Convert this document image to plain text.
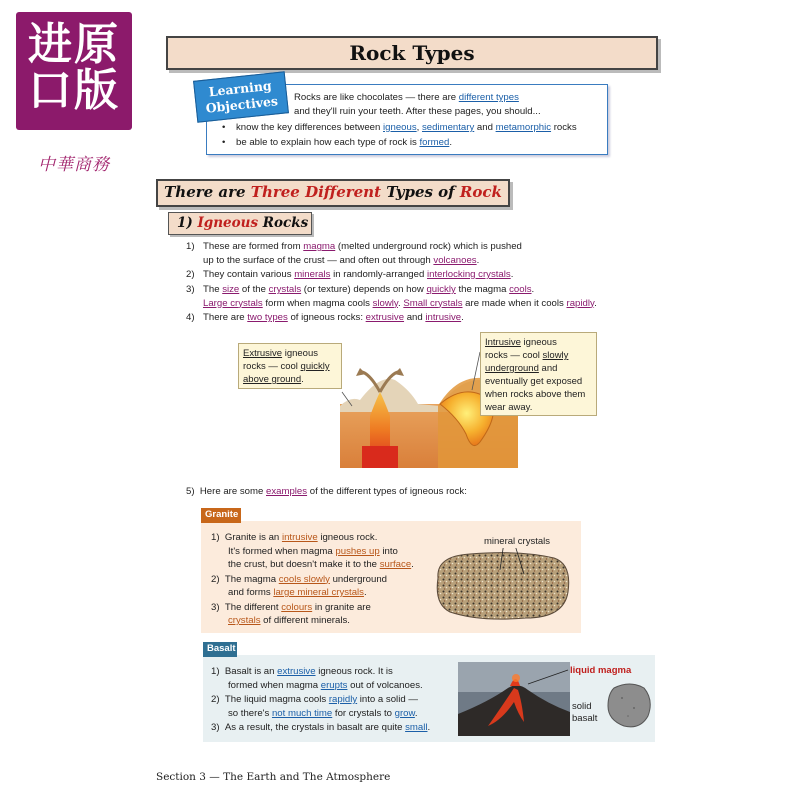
进原
口版
中華商務
Rock Types
Learning
Objectives	Rocks are like chocolates — there are different types
and they'll ruin your teeth. After these pages, you should...
• know the key differences between igneous, sedimentary and metamorphic rocks
• be able to explain how each type of rock is formed.
There are Three Different Types of Rock
1) Igneous Rocks
1) These are formed from magma (melted underground rock) which is pushed
up to the surface of the crust — and often out through volcanoes.
2) They contain various minerals in randomly-arranged interlocking crystals.
3) The size of the crystals (or texture) depends on how quickly the magma cools.
Large crystals form when magma cools slowly. Small crystals are made when it cools rapidly.
4) There are two types of igneous rocks: extrusive and intrusive.
Extrusive igneous
rocks — cool quickly
above ground.
Intrusive igneous
rocks — cool slowly
underground and
eventually get exposed
when rocks above them
wear away.
5) Here are some examples of the different types of igneous rock:
Granite
1) Granite is an intrusive igneous rock.
It's formed when magma pushes up into
the crust, but doesn't make it to the surface.
2) The magma cools slowly underground
and forms large mineral crystals.
3) The different colours in granite are
crystals of different minerals.
mineral crystals
Basalt
1) Basalt is an extrusive igneous rock. It is
formed when magma erupts out of volcanoes.
2) The liquid magma cools rapidly into a solid —
so there's not much time for crystals to grow.
3) As a result, the crystals in basalt are quite small.
liquid magma
solid
basalt
Section 3 — The Earth and The Atmosphere
